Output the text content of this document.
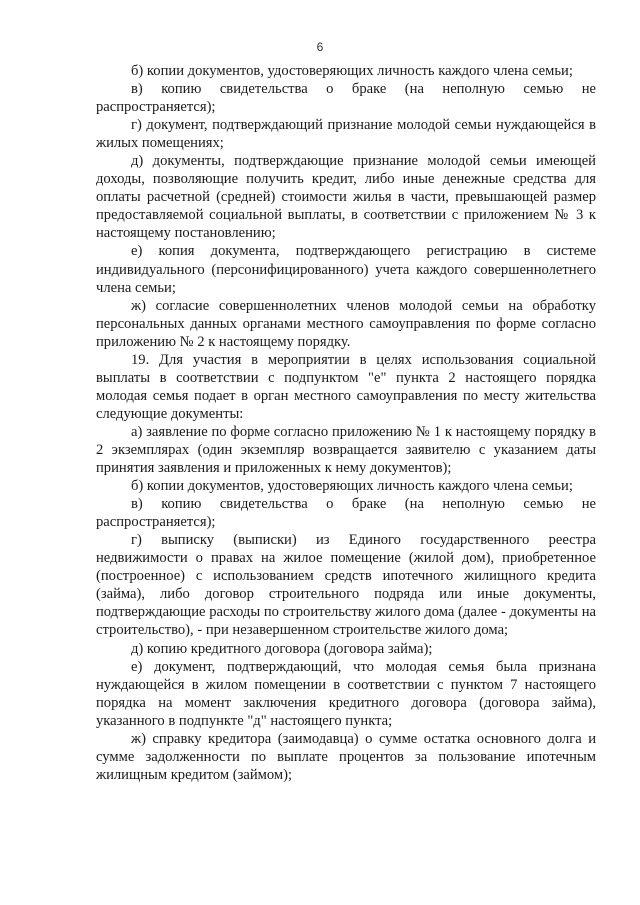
6

б) копии документов, удостоверяющих личность каждого члена семьи;

в) копию свидетельства о браке (на неполную семью не распространяется);

г) документ, подтверждающий признание молодой семьи нуждающейся в жилых помещениях;

д) документы, подтверждающие признание молодой семьи имеющей доходы, позволяющие получить кредит, либо иные денежные средства для оплаты расчетной (средней) стоимости жилья в части, превышающей размер предоставляемой социальной выплаты, в соответствии с приложением № 3 к настоящему постановлению;

е) копия документа, подтверждающего регистрацию в системе индивидуального (персонифицированного) учета каждого совершеннолетнего члена семьи;

ж) согласие совершеннолетних членов молодой семьи на обработку персональных данных органами местного самоуправления по форме согласно приложению № 2 к настоящему порядку.

19. Для участия в мероприятии в целях использования социальной выплаты в соответствии с подпунктом "е" пункта 2 настоящего порядка молодая семья подает в орган местного самоуправления по месту жительства следующие документы:

а) заявление по форме согласно приложению № 1 к настоящему порядку в 2 экземплярах (один экземпляр возвращается заявителю с указанием даты принятия заявления и приложенных к нему документов);

б) копии документов, удостоверяющих личность каждого члена семьи;

в) копию свидетельства о браке (на неполную семью не распространяется);

г) выписку (выписки) из Единого государственного реестра недвижимости о правах на жилое помещение (жилой дом), приобретенное (построенное) с использованием средств ипотечного жилищного кредита (займа), либо договор строительного подряда или иные документы, подтверждающие расходы по строительству жилого дома (далее - документы на строительство), - при незавершенном строительстве жилого дома;

д) копию кредитного договора (договора займа);

е) документ, подтверждающий, что молодая семья была признана нуждающейся в жилом помещении в соответствии с пунктом 7 настоящего порядка на момент заключения кредитного договора (договора займа), указанного в подпункте "д" настоящего пункта;

ж) справку кредитора (заимодавца) о сумме остатка основного долга и сумме задолженности по выплате процентов за пользование ипотечным жилищным кредитом (займом);
